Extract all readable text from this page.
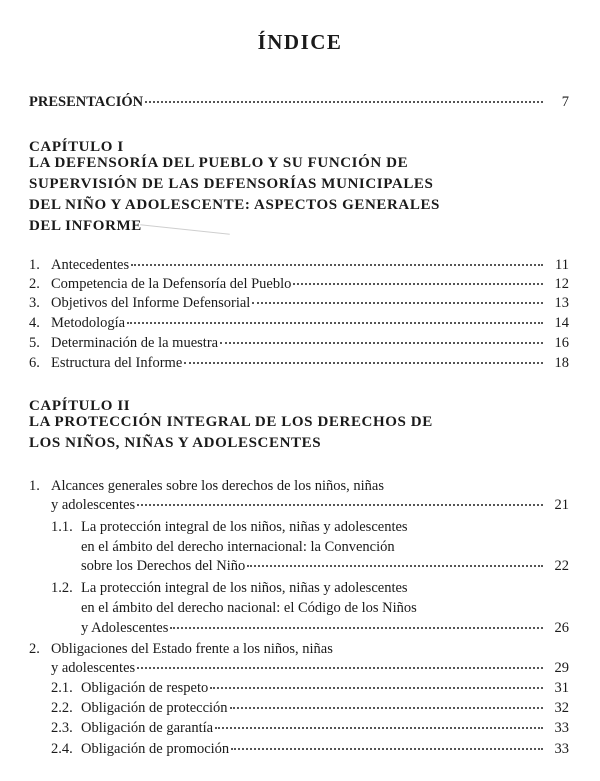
ÍNDICE
PRESENTACIÓN	7
CAPÍTULO I
LA DEFENSORÍA DEL PUEBLO Y SU FUNCIÓN DE
SUPERVISIÓN DE LAS DEFENSORÍAS MUNICIPALES
DEL NIÑO Y ADOLESCENTE: ASPECTOS GENERALES
DEL INFORME
1. Antecedentes	11
2. Competencia de la Defensoría del Pueblo	12
3. Objetivos del Informe Defensorial	13
4. Metodología	14
5. Determinación de la muestra	16
6. Estructura del Informe	18
CAPÍTULO II
LA PROTECCIÓN INTEGRAL DE LOS DERECHOS DE
LOS NIÑOS, NIÑAS Y ADOLESCENTES
1. Alcances generales sobre los derechos de los niños, niñas
y adolescentes	21
1.1. La protección integral de los niños, niñas y adolescentes
en el ámbito del derecho internacional: la Convención
sobre los Derechos del Niño	22
1.2. La protección integral de los niños, niñas y adolescentes
en el ámbito del derecho nacional: el Código de los Niños
y Adolescentes	26
2. Obligaciones del Estado frente a los niños, niñas
y adolescentes	29
2.1. Obligación de respeto	31
2.2. Obligación de protección	32
2.3. Obligación de garantía	33
2.4. Obligación de promoción	33
